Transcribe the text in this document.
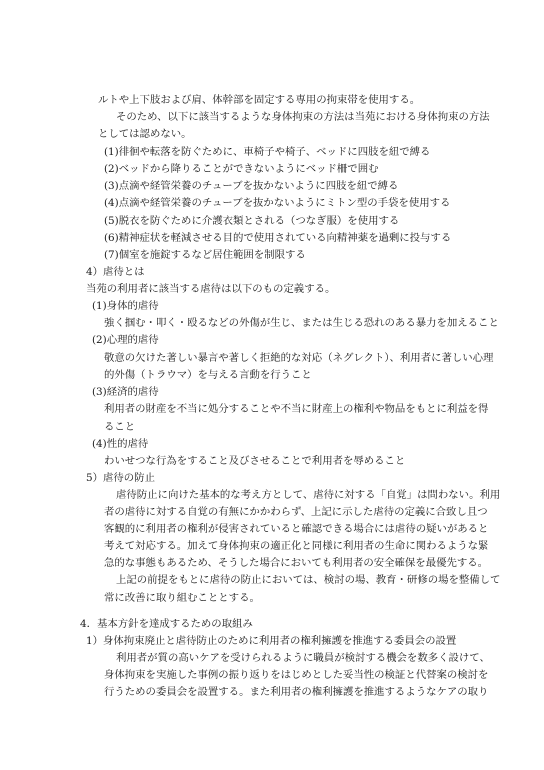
ルトや上下肢および肩、体幹部を固定する専用の拘束帯を使用する。
そのため、以下に該当するような身体拘束の方法は当苑における身体拘束の方法
としては認めない。
(1)徘徊や転落を防ぐために、車椅子や椅子、ベッドに四肢を紐で縛る
(2)ベッドから降りることができないようにベッド柵で囲む
(3)点滴や経管栄養のチューブを抜かないように四肢を紐で縛る
(4)点滴や経管栄養のチューブを抜かないようにミトン型の手袋を使用する
(5)脱衣を防ぐために介護衣類とされる（つなぎ服）を使用する
(6)精神症状を軽減させる目的で使用されている向精神薬を過剰に投与する
(7)個室を施錠するなど居住範囲を制限する
4）虐待とは
当苑の利用者に該当する虐待は以下のもの定義する。
(1)身体的虐待
強く掴む・叩く・殴るなどの外傷が生じ、または生じる恐れのある暴力を加えること
(2)心理的虐待
敬意の欠けた著しい暴言や著しく拒絶的な対応（ネグレクト）、利用者に著しい心理
的外傷（トラウマ）を与える言動を行うこと
(3)経済的虐待
利用者の財産を不当に処分することや不当に財産上の権利や物品をもとに利益を得
ること
(4)性的虐待
わいせつな行為をすること及びさせることで利用者を辱めること
5）虐待の防止
虐待防止に向けた基本的な考え方として、虐待に対する「自覚」は問わない。利用
者の虐待に対する自覚の有無にかかわらず、上記に示した虐待の定義に合致し且つ
客観的に利用者の権利が侵害されていると確認できる場合には虐待の疑いがあると
考えて対応する。加えて身体拘束の適正化と同様に利用者の生命に関わるような緊
急的な事態もあるため、そうした場合においても利用者の安全確保を最優先する。
上記の前提をもとに虐待の防止においては、検討の場、教育・研修の場を整備して
常に改善に取り組むこととする。
4．基本方針を達成するための取組み
1）身体拘束廃止と虐待防止のために利用者の権利擁護を推進する委員会の設置
利用者が質の高いケアを受けられるように職員が検討する機会を数多く設けて、
身体拘束を実施した事例の振り返りをはじめとした妥当性の検証と代替案の検討を
行うための委員会を設置する。また利用者の権利擁護を推進するようなケアの取り
